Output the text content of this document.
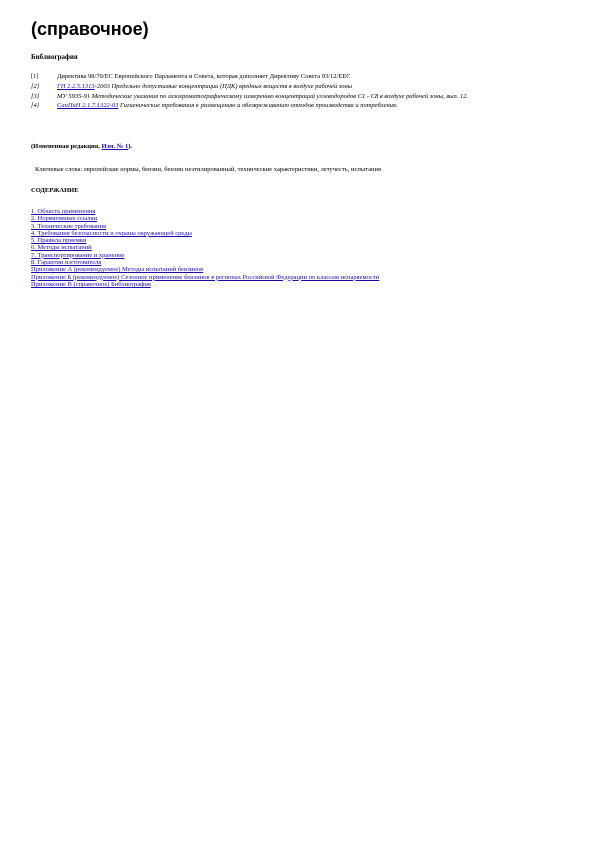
(справочное)
Библиография
[1]	Директива 98/70/ЕС Европейского Парламента и Совета, которая дополняет Директиву Совета 93/12/ЕЕС
[2]	ГН 2.2.5.1313-2003 Предельно допустимые концентрации (ПДК) вредных веществ в воздухе рабочей зоны
[3]	МУ 5935-91 Методические указания по газохроматографическому измерению концентраций углеводородов С1 - С8 в воздухе рабочей зоны, вып. 12.
[4]	СанПиН 2.1.7.1322-03 Гигиенические требования к размещению и обезвреживанию отходов производства и потребления.
(Измененная редакция, Изм. № 1).
Ключевые слова: европейские нормы, бензин, бензин неэтилированный, технические характеристики, летучесть, испытания
СОДЕРЖАНИЕ
1. Область применения
2. Нормативные ссылки
3. Технические требования
4. Требования безопасности и охраны окружающей среды
5. Правила приемки
6. Методы испытаний
7. Транспортирование и хранение
8. Гарантии изготовителя
Приложение А (рекомендуемое) Методы испытаний бензинов
Приложение Б (рекомендуемое) Сезонное применение бензинов в регионах Российской Федерации по классам испаряемости
Приложение В (справочное) Библиография
